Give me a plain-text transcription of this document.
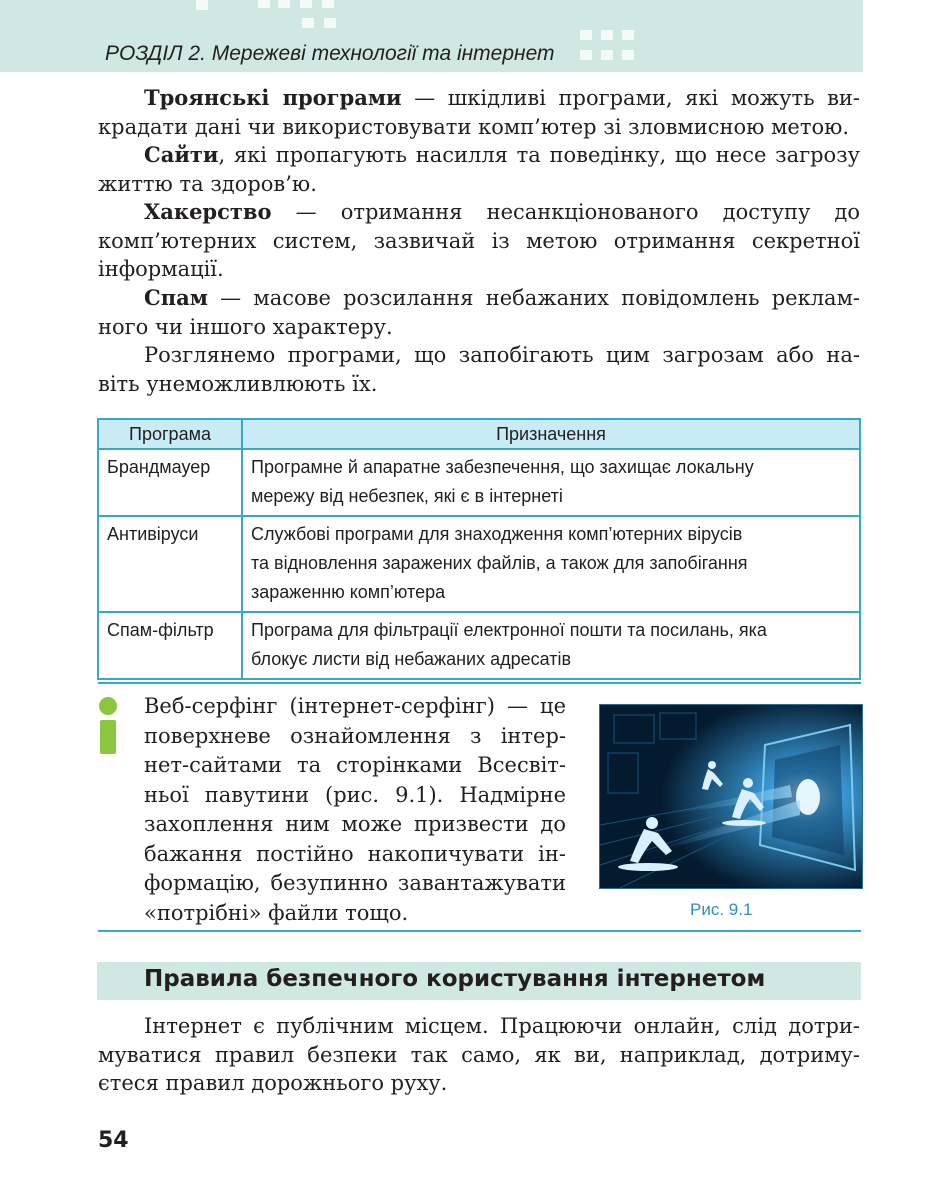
РОЗДІЛ 2. Мережеві технології та інтернет
Троянські програми — шкідливі програми, які можуть ви-
крадати дані чи використовувати комп’ютер зі зловмисною метою.
Сайти, які пропагують насилля та поведінку, що несе загрозу
життю та здоров’ю.
Хакерство — отримання несанкціонованого доступу до
комп’ютерних систем, зазвичай із метою отримання секретної
інформації.
Спам — масове розсилання небажаних повідомлень реклам-
ного чи іншого характеру.
Розглянемо програми, що запобігають цим загрозам або на-
віть унеможливлюють їх.
Програма	Призначення
Брандмауер	Програмне й апаратне забезпечення, що захищає локальну
мережу від небезпек, які є в інтернеті

Антивіруси	Службові програми для знаходження комп’ютерних вірусів
та відновлення заражених файлів, а також для запобігання
зараженню комп’ютера

Спам-фільтр	Програма для фільтрації електронної пошти та посилань, яка
блокує листи від небажаних адресатів
Веб-серфінг (інтернет-серфінг) — це
поверхневе ознайомлення з інтер-
нет-сайтами та сторінками Всесвіт-
ньої павутини (рис. 9.1). Надмірне
захоплення ним може призвести до
бажання постійно накопичувати ін-
формацію, безупинно завантажувати
«потрібні» файли тощо.	Рис. 9.1
Правила безпечного користування інтернетом
Інтернет є публічним місцем. Працюючи онлайн, слід дотри-
муватися правил безпеки так само, як ви, наприклад, дотриму-
єтеся правил дорожнього руху.
54
